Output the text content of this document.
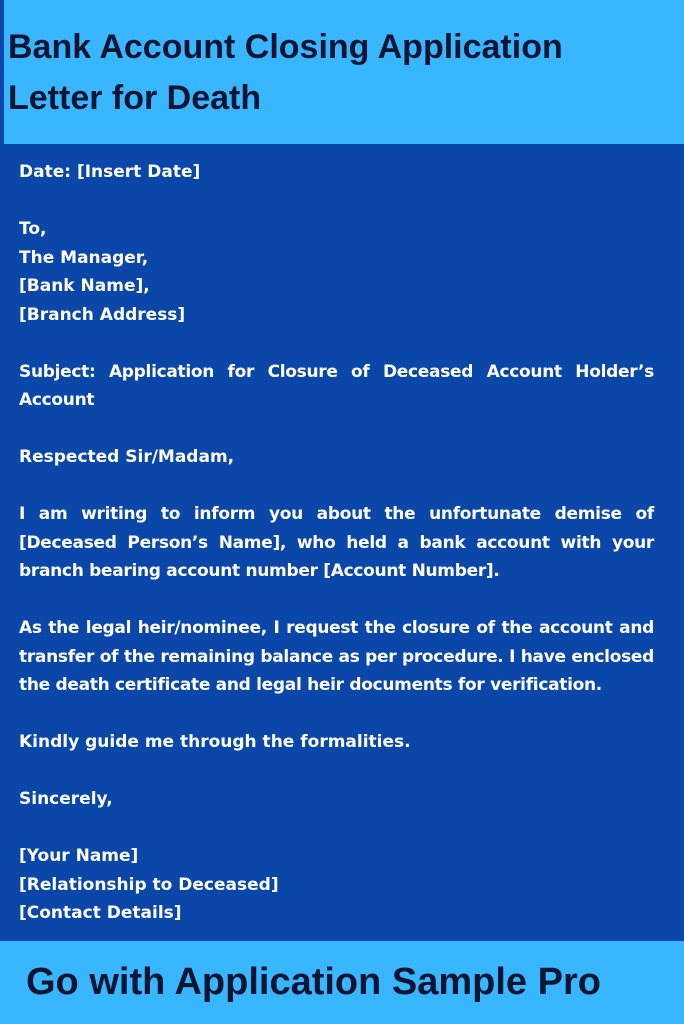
Bank Account Closing Application
Letter for Death

Date: [Insert Date]

To,
The Manager,
[Bank Name],
[Branch Address]

Subject: Application for Closure of Deceased Account Holder’s Account

Respected Sir/Madam,

I am writing to inform you about the unfortunate demise of [Deceased Person’s Name], who held a bank account with your branch bearing account number [Account Number].

As the legal heir/nominee, I request the closure of the account and transfer of the remaining balance as per procedure. I have enclosed the death certificate and legal heir documents for verification.

Kindly guide me through the formalities.

Sincerely,

[Your Name]
[Relationship to Deceased]
[Contact Details]

Go with Application Sample Pro
